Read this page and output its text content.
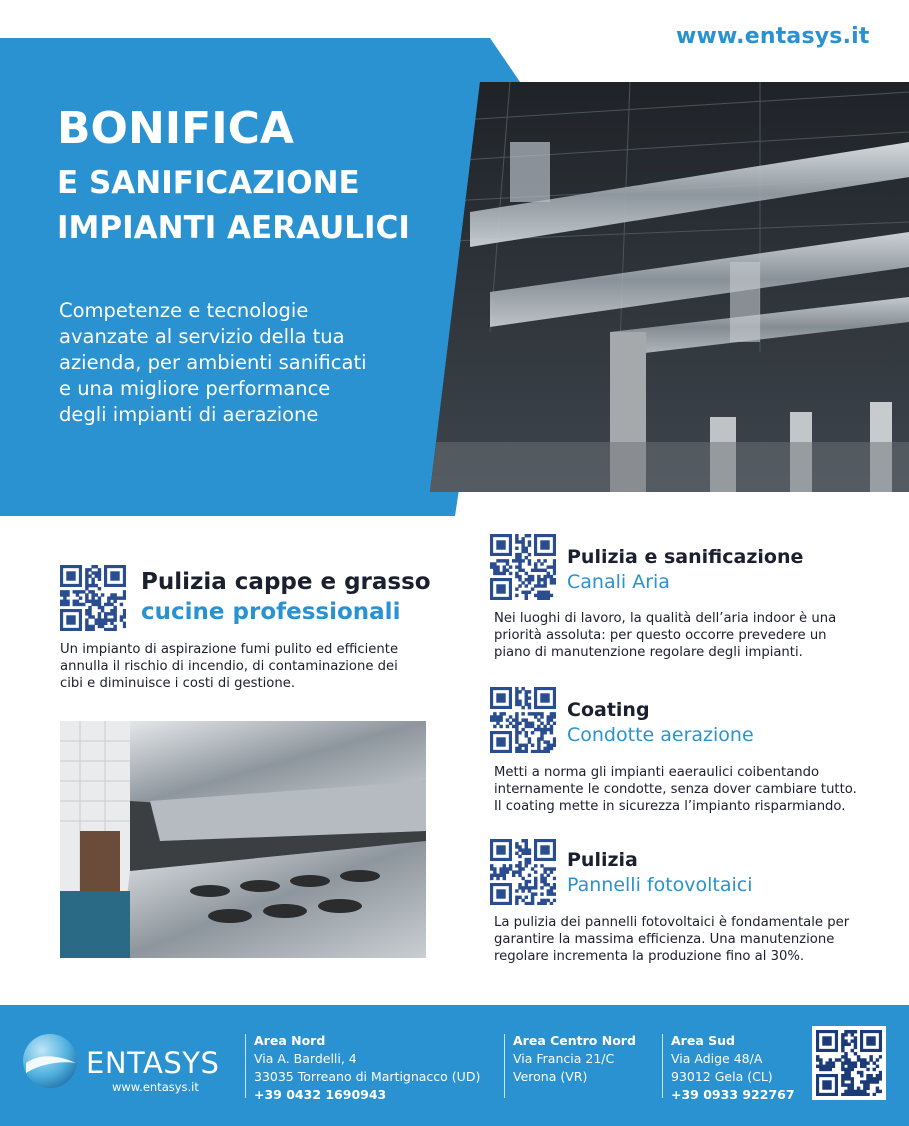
www.entasys.it
BONIFICA
E SANIFICAZIONE
IMPIANTI AERAULICI
Competenze e tecnologie
avanzate al servizio della tua
azienda, per ambienti sanificati
e una migliore performance
degli impianti di aerazione
Pulizia cappe e grasso
cucine professionali
Un impianto di aspirazione fumi pulito ed efficiente
annulla il rischio di incendio, di contaminazione dei
cibi e diminuisce i costi di gestione.
Pulizia e sanificazione
Canali Aria
Nei luoghi di lavoro, la qualità dell’aria indoor è una
priorità assoluta: per questo occorre prevedere un
piano di manutenzione regolare degli impianti.
Coating
Condotte aerazione
Metti a norma gli impianti eaeraulici coibentando
internamente le condotte, senza dover cambiare tutto.
Il coating mette in sicurezza l’impianto risparmiando.
Pulizia
Pannelli fotovoltaici
La pulizia dei pannelli fotovoltaici è fondamentale per
garantire la massima efficienza. Una manutenzione
regolare incrementa la produzione fino al 30%.
ENTASYS
www.entasys.it
Area Nord
Via A. Bardelli, 4
33035 Torreano di Martignacco (UD)
+39 0432 1690943
Area Centro Nord
Via Francia 21/C
Verona (VR)
Area Sud
Via Adige 48/A
93012 Gela (CL)
+39 0933 922767
